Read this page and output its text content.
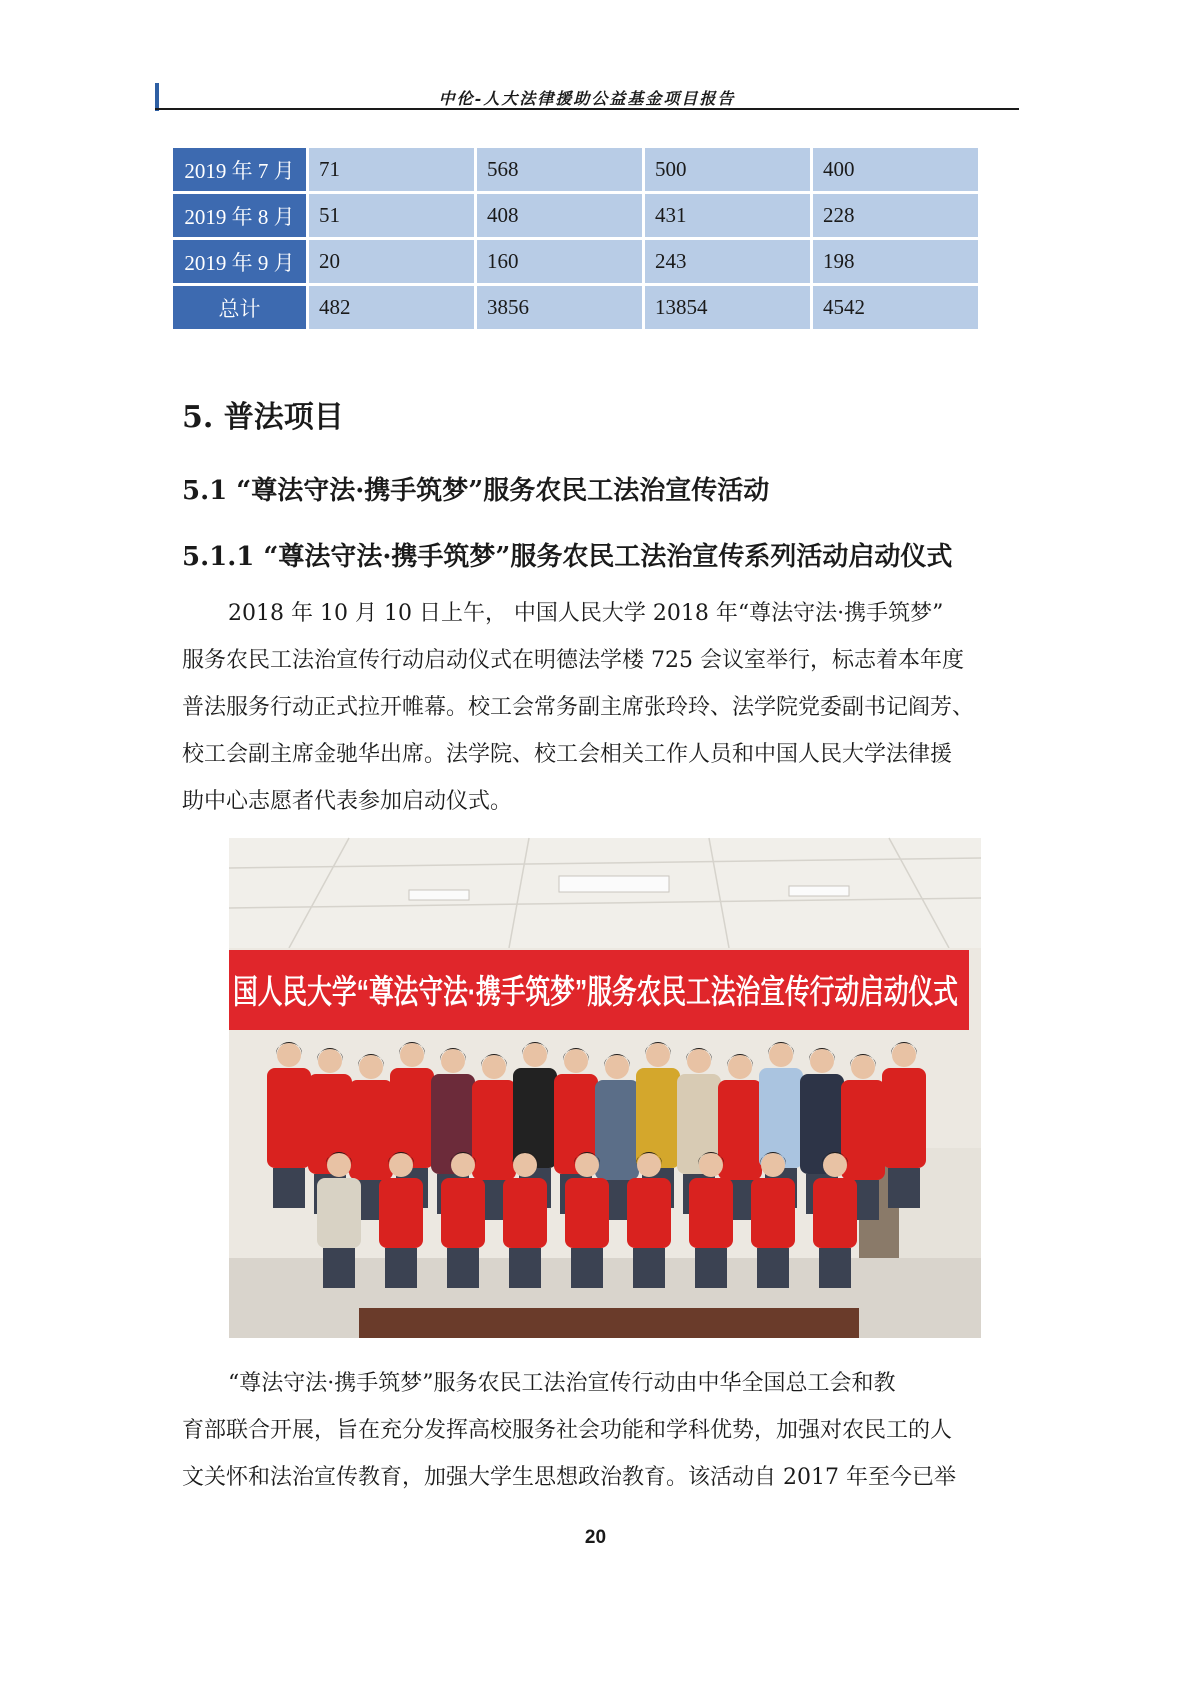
中伦-人大法律援助公益基金项目报告
2019 年 7 月	71	568	500	400
2019 年 8 月	51	408	431	228
2019 年 9 月	20	160	243	198
总计	482	3856	13854	4542
5. 普法项目
5.1 “尊法守法·携手筑梦”服务农民工法治宣传活动
5.1.1 “尊法守法·携手筑梦”服务农民工法治宣传系列活动启动仪式
2018 年 10 月 10 日上午， 中国人民大学 2018 年“尊法守法·携手筑梦”
服务农民工法治宣传行动启动仪式在明德法学楼 725 会议室举行，标志着本年度
普法服务行动正式拉开帷幕。校工会常务副主席张玲玲、法学院党委副书记阎芳、
校工会副主席金驰华出席。法学院、校工会相关工作人员和中国人民大学法律援
助中心志愿者代表参加启动仪式。
国人民大学“尊法守法·携手筑梦”服务农民工法治宣传行动启动仪式
“尊法守法·携手筑梦”服务农民工法治宣传行动由中华全国总工会和教
育部联合开展，旨在充分发挥高校服务社会功能和学科优势，加强对农民工的人
文关怀和法治宣传教育，加强大学生思想政治教育。该活动自 2017 年至今已举
20
